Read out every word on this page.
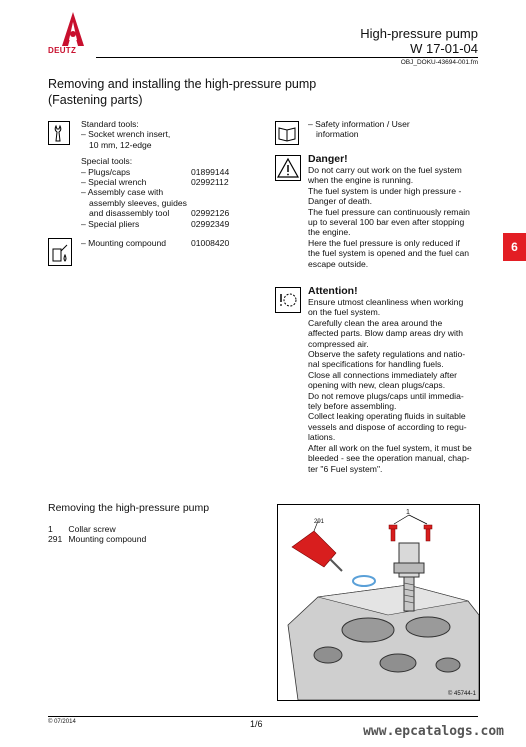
DEUTZ
High-pressure pump
W 17-01-04
OBJ_DOKU-43694-001.fm
Removing and installing the high-pressure pump
(Fastening parts)
Standard tools:
– Socket wrench insert,
10 mm, 12-edge
Special tools:
– Plugs/caps	01899144
– Special wrench	02992112
– Assembly case with
assembly sleeves, guides
and disassembly tool	02992126
– Special pliers	02992349
– Mounting compound	01008420
– Safety information / User
information
Danger!
Do not carry out work on the fuel system
when the engine is running.
The fuel system is under high pressure -
Danger of death.
The fuel pressure can continuously remain
up to several 100 bar even after stopping
the engine.
Here the fuel pressure is only reduced if
the fuel system is opened and the fuel can
escape outside.
Attention!
Ensure utmost cleanliness when working
on the fuel system.
Carefully clean the area around the
affected parts. Blow damp areas dry with
compressed air.
Observe the safety regulations and natio-
nal specifications for handling fuels.
Close all connections immediately after
opening with new, clean plugs/caps.
Do not remove plugs/caps until immedia-
tely before assembling.
Collect leaking operating fluids in suitable
vessels and dispose of according to regu-
lations.
After all work on the fuel system, it must be
bleeded - see the operation manual, chap-
ter "6 Fuel system".
6
Removing the high-pressure pump
1 Collar screw
291 Mounting compound
291
1
© 45744-1
© 07/2014	1/6	www.epcatalogs.com
